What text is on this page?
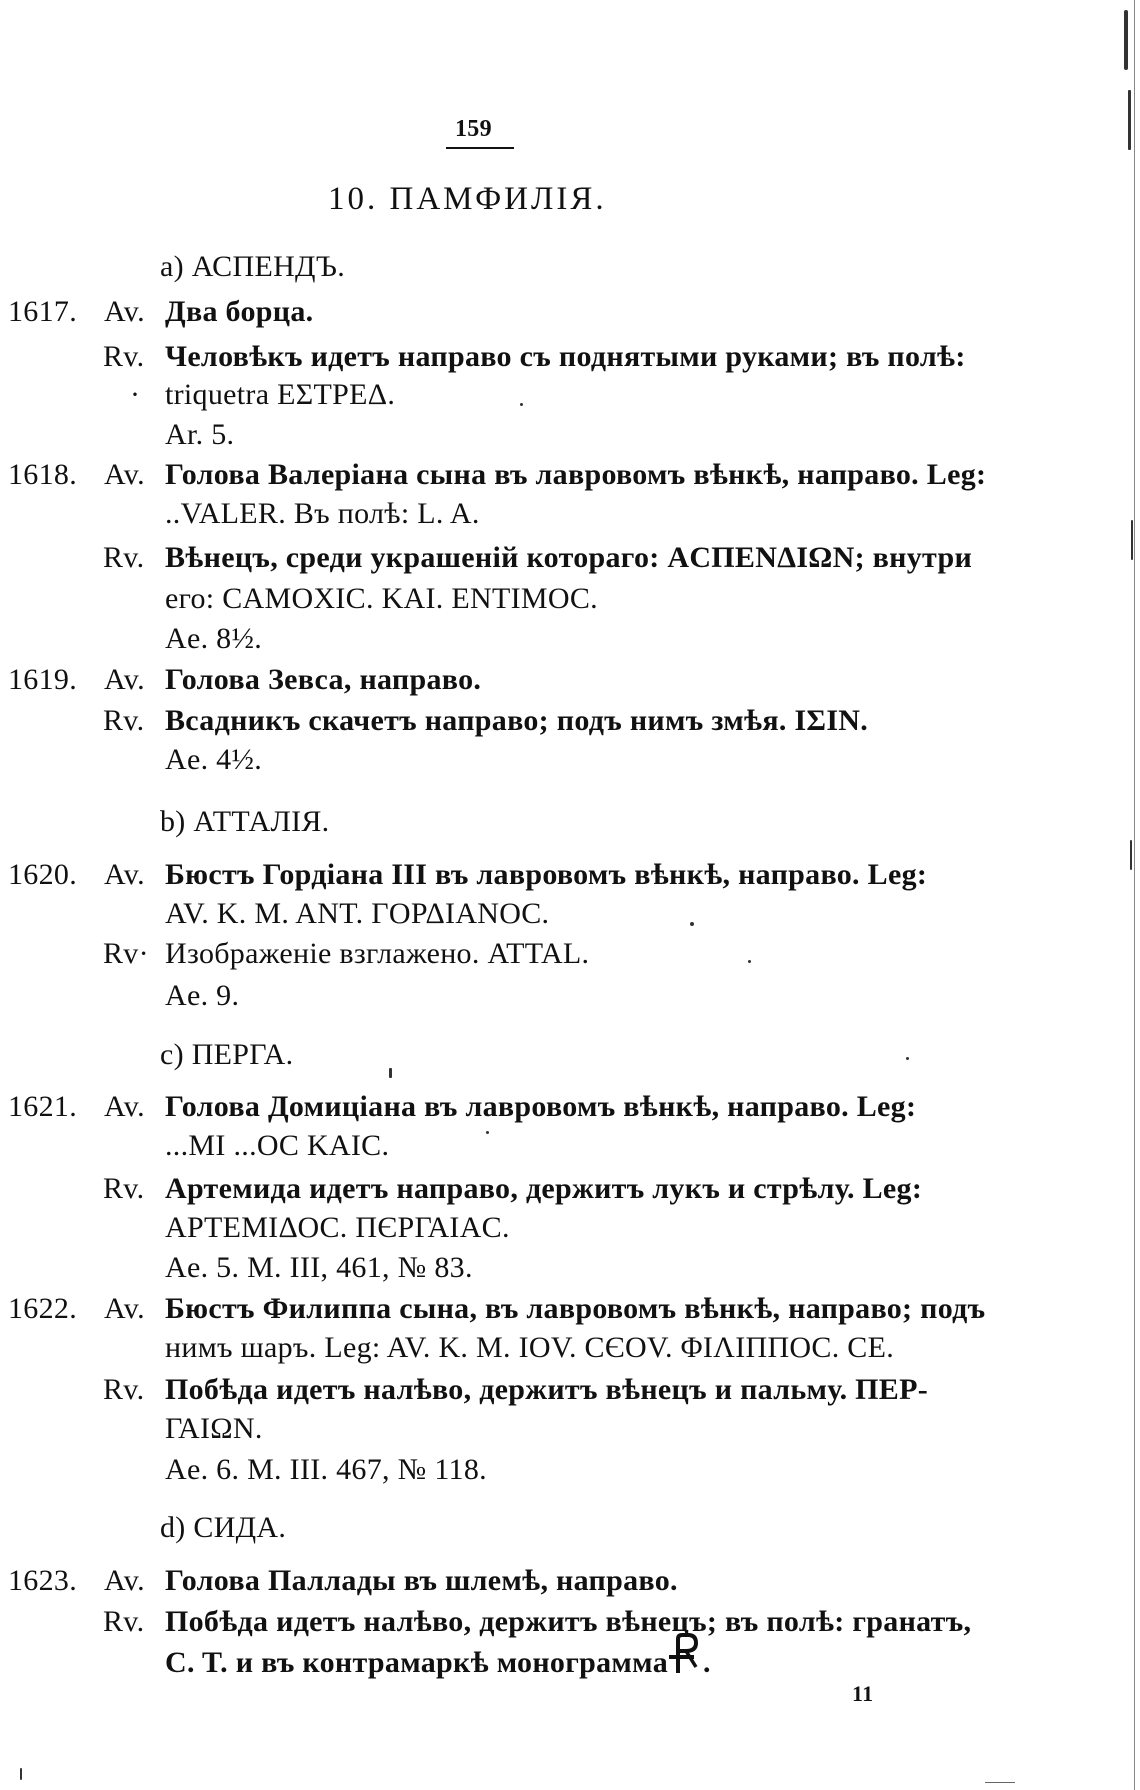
159
10. ПАМФИЛІЯ.
а) АСПЕНДЪ.
1617. Av. Два борца.
Rv. Человѣкъ идетъ направо съ поднятыми руками; въ полѣ:
· triquetra ΕΣΤΡΕΔ.
Ar. 5.
1618. Av. Голова Валеріана сына въ лавровомъ вѣнкѣ, направо. Leg:
..VALER. Въ полѣ: L. A.
Rv. Вѣнецъ, среди украшеній котораго: ΑCΠΕΝΔΙΩΝ; внутри
его: CAMOXIC. KAI. ENTIMOC.
Ae. 8½.
1619. Av. Голова Зевса, направо.
Rv. Всадникъ скачетъ направо; подъ нимъ змѣя. ΙΣΙΝ.
Ae. 4½.
b) АТТАЛІЯ.
1620. Av. Бюстъ Гордіана III въ лавровомъ вѣнкѣ, направо. Leg:
AV. K. M. ANT. ΓΟΡΔΙΑΝΟC.
Rv· Изображеніе взглажено. ATTAL.
Ae. 9.
с) ПЕРГА.
1621. Av. Голова Домиціана въ лавровомъ вѣнкѣ, направо. Leg:
...MI ...OC KAIC.
Rv. Артемида идетъ направо, держитъ лукъ и стрѣлу. Leg:
ΑΡΤΕΜΙΔΟC. ΠЄΡΓΑΙΑC.
Ae. 5. M. III, 461, № 83.
1622. Av. Бюстъ Филиппа сына, въ лавровомъ вѣнкѣ, направо; подъ
нимъ шаръ. Leg: AV. K. M. IOV. CЄOV. ΦΙΛΙΠΠΟC. CE.
Rv. Побѣда идетъ налѣво, держитъ вѣнецъ и пальму. ΠΕΡ-
ΓΑΙΩΝ.
Ae. 6. M. III. 467, № 118.
d) СИДА.
1623. Av. Голова Паллады въ шлемѣ, направо.
Rv. Побѣда идетъ налѣво, держитъ вѣнецъ; въ полѣ: гранатъ,
C. T. и въ контрамаркѣ монограмма .
11
